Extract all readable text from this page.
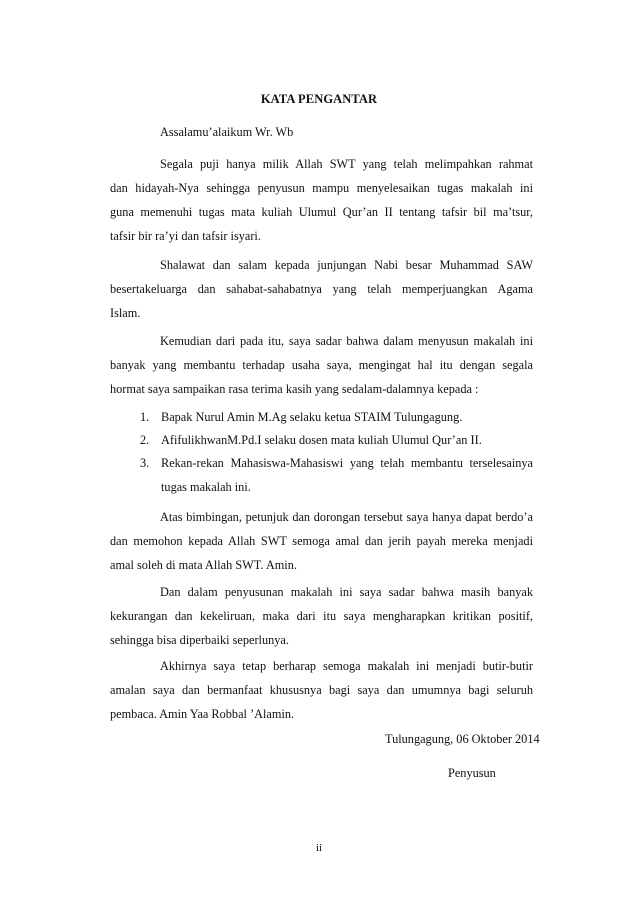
KATA PENGANTAR
Assalamu’alaikum Wr. Wb
Segala puji hanya milik Allah SWT yang telah melimpahkan rahmat
dan hidayah-Nya sehingga penyusun mampu menyelesaikan tugas makalah ini
guna memenuhi tugas mata kuliah Ulumul Qur’an II tentang tafsir bil ma’tsur,
tafsir bir ra’yi dan tafsir isyari.
Shalawat dan salam kepada junjungan Nabi besar Muhammad SAW
besertakeluarga dan sahabat-sahabatnya yang telah memperjuangkan Agama
Islam.
Kemudian dari pada itu, saya sadar bahwa dalam menyusun makalah ini
banyak yang membantu terhadap usaha saya, mengingat hal itu dengan segala
hormat saya sampaikan rasa terima kasih yang sedalam-dalamnya kepada :
1. Bapak Nurul Amin M.Ag selaku ketua STAIM Tulungagung.
2. AfifulikhwanM.Pd.I selaku dosen mata kuliah Ulumul Qur’an II.
3. Rekan-rekan Mahasiswa-Mahasiswi yang telah membantu terselesainya
tugas makalah ini.
Atas bimbingan, petunjuk dan dorongan tersebut saya hanya dapat berdo’a
dan memohon kepada Allah SWT semoga amal dan jerih payah mereka menjadi
amal soleh di mata Allah SWT. Amin.
Dan dalam penyusunan makalah ini saya sadar bahwa masih banyak
kekurangan dan kekeliruan, maka dari itu saya mengharapkan kritikan positif,
sehingga bisa diperbaiki seperlunya.
Akhirnya saya tetap berharap semoga makalah ini menjadi butir-butir
amalan saya dan bermanfaat khususnya bagi saya dan umumnya bagi seluruh
pembaca. Amin Yaa Robbal ’Alamin.
Tulungagung, 06 Oktober 2014
Penyusun
ii
